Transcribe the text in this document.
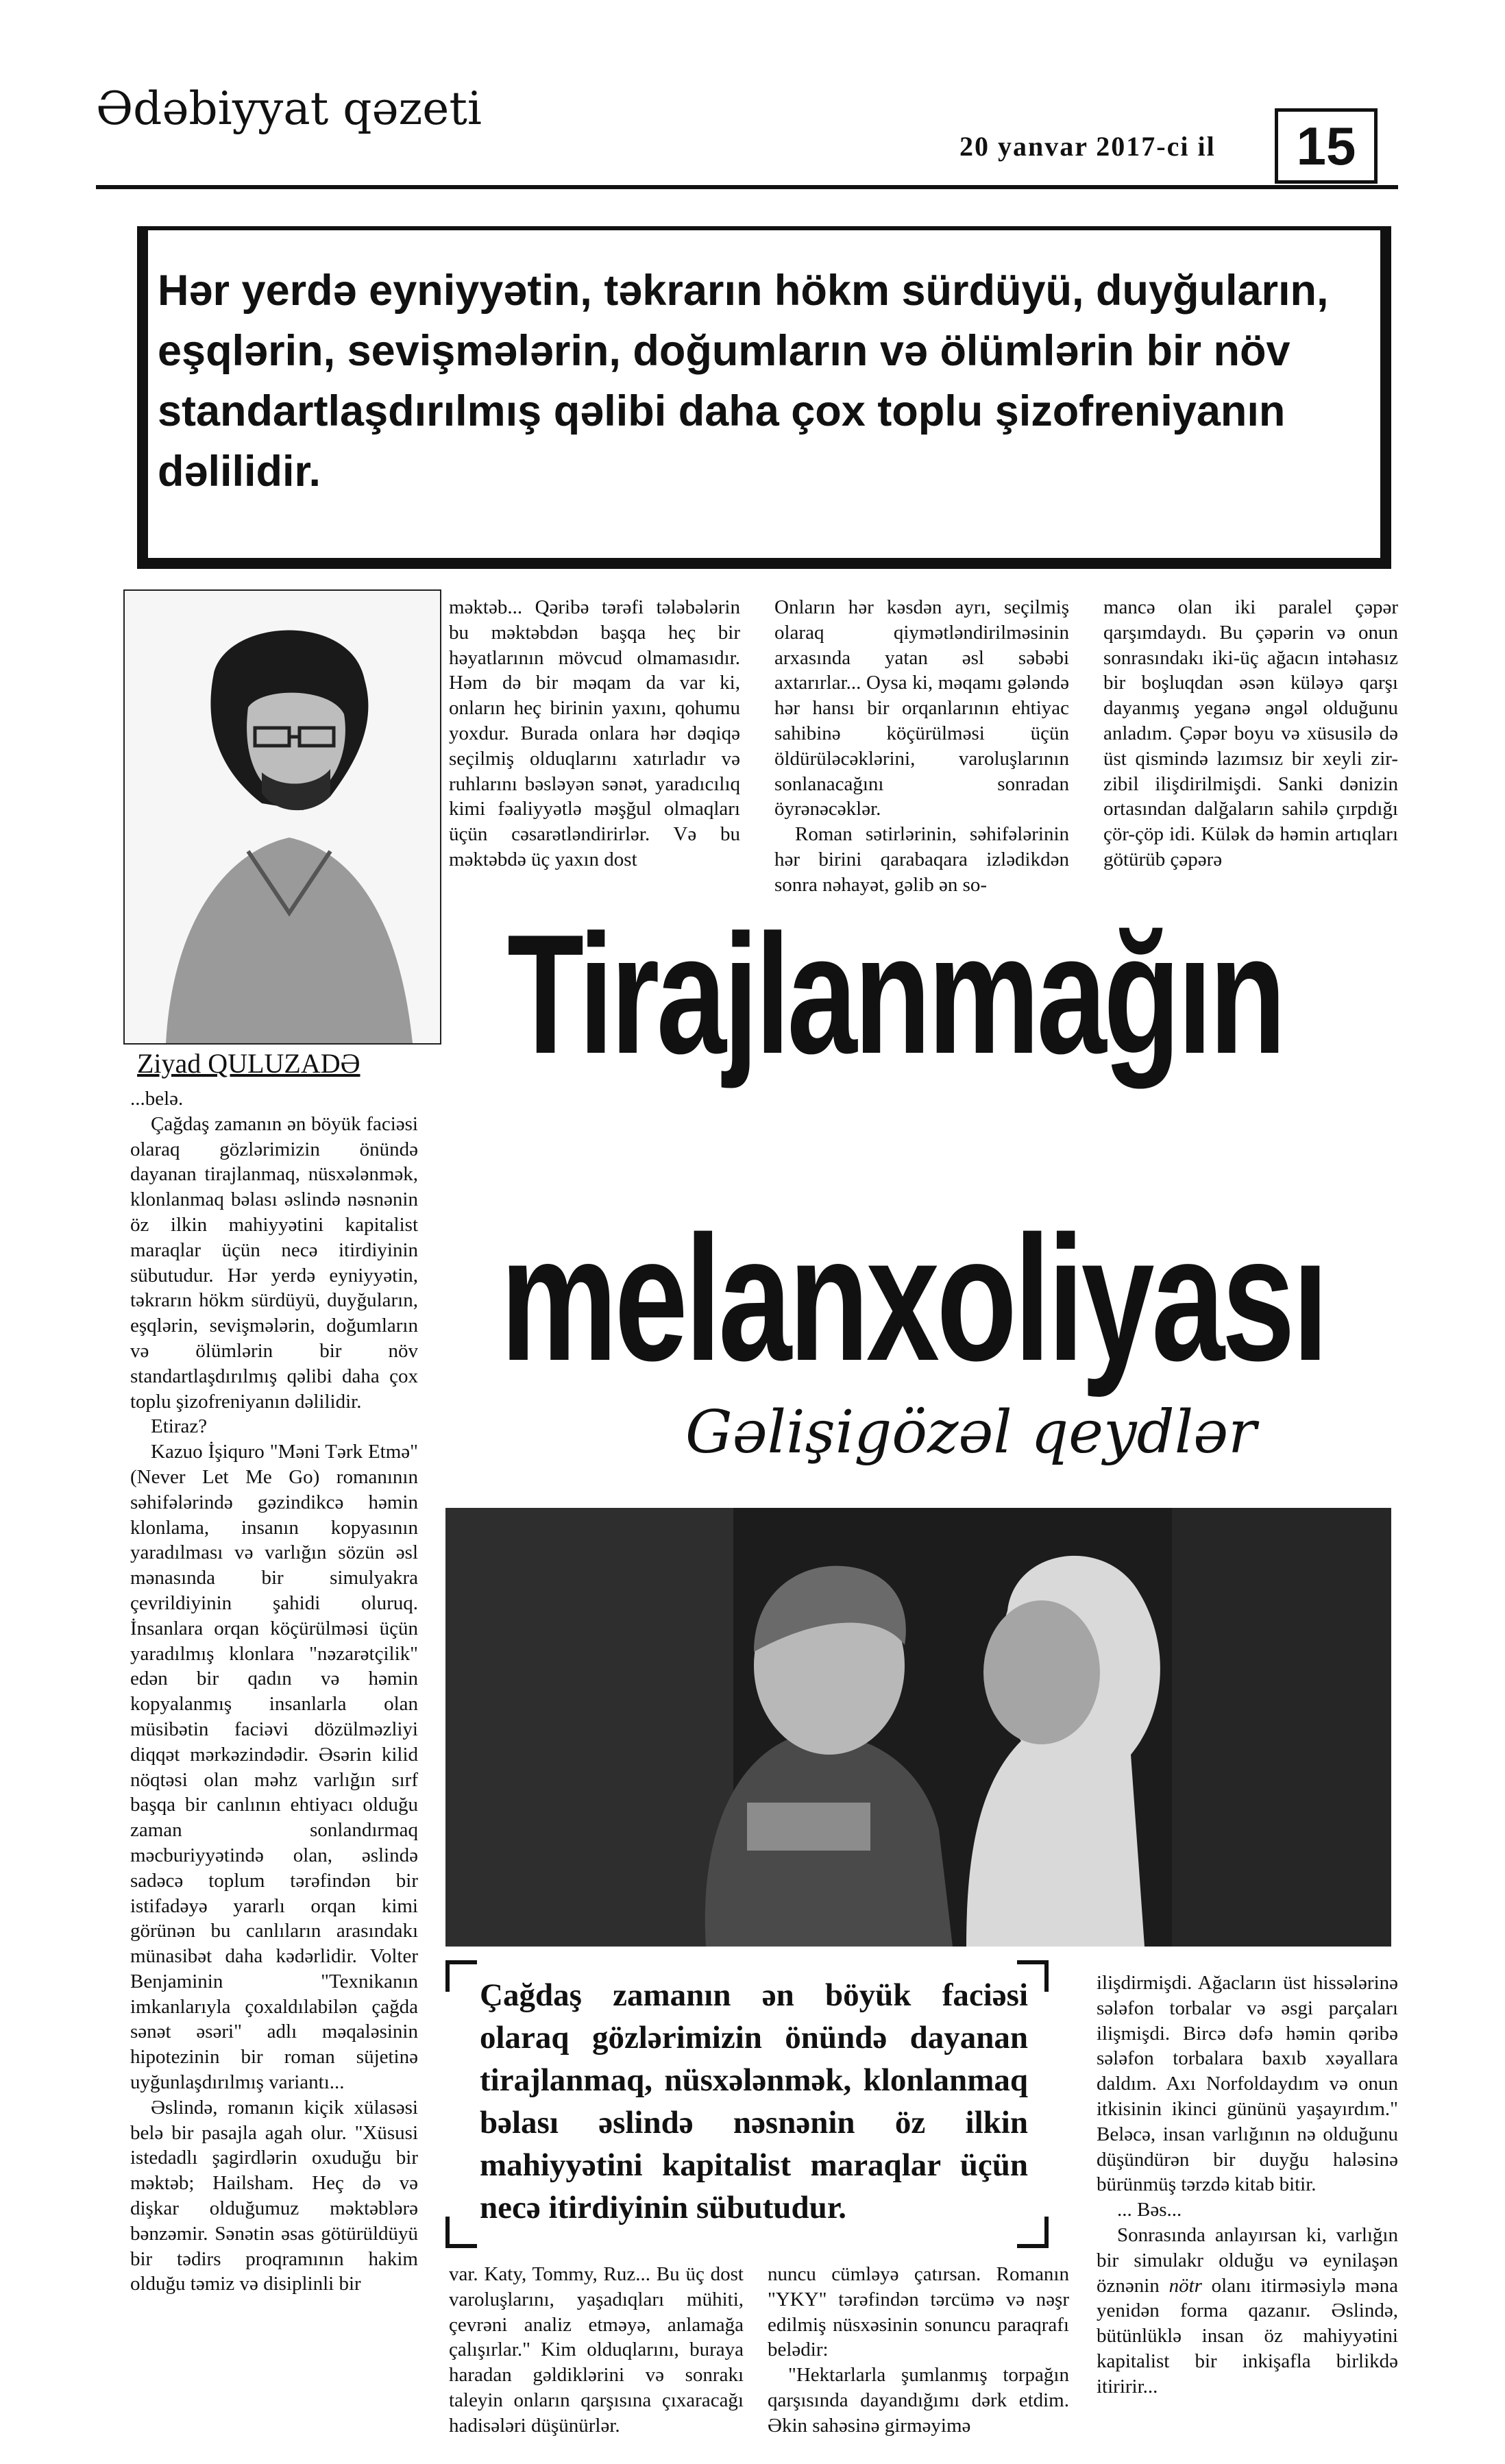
Ədəbiyyat qəzeti
20 yanvar 2017-ci il	15
Hər yerdə eyniyyətin, təkrarın hökm sürdüyü, duyğuların, eşqlərin, sevişmələrin, doğumların və ölümlərin bir növ standartlaşdırılmış qəlibi daha çox toplu şizofreniyanın dəlilidir.
Ziyad QULUZADƏ

...belə.

Çağdaş zamanın ən böyük faciəsi olaraq gözlərimizin önündə dayanan tirajlanmaq, nüsxələnmək, klonlanmaq bəlası əslində nəsnənin öz ilkin mahiyyətini kapitalist maraqlar üçün necə itirdiyinin sübutudur. Hər yerdə eyniyyətin, təkrarın hökm sürdüyü, duyğuların, eşqlərin, sevişmələrin, doğumların və ölümlərin bir növ standartlaşdırılmış qəlibi daha çox toplu şizofreniyanın dəlilidir.

Etiraz?

Kazuo İşiquro "Məni Tərk Etmə" (Never Let Me Go) romanının səhifələrində gəzindikcə həmin klonlama, insanın kopyasının yaradılması və varlığın sözün əsl mənasında bir simulyakra çevrildiyinin şahidi oluruq. İnsanlara orqan köçürülməsi üçün yaradılmış klonlara "nəzarətçilik" edən bir qadın və həmin kopyalanmış insanlarla olan müsibətin faciəvi dözülməzliyi diqqət mərkəzindədir. Əsərin kilid nöqtəsi olan məhz varlığın sırf başqa bir canlının ehtiyacı olduğu zaman sonlandırmaq məcburiyyətində olan, əslində sadəcə toplum tərəfindən bir istifadəyə yararlı orqan kimi görünən bu canlıların arasındakı münasibət daha kədərlidir. Volter Benjaminin "Texnikanın imkanlarıyla çoxaldılabilən çağda sənət əsəri" adlı məqaləsinin hipotezinin bir roman süjetinə uyğunlaşdırılmış variantı...

Əslində, romanın kiçik xülasəsi belə bir pasajla agah olur. "Xüsusi istedadlı şagirdlərin oxuduğu bir məktəb; Hailsham. Heç də və dişkar olduğumuz məktəblərə bənzəmir. Sənətin əsas götürüldüyü bir tədirs proqramının hakim olduğu təmiz və disiplinli bir

məktəb... Qəribə tərəfi tələbələrin bu məktəbdən başqa heç bir həyatlarının mövcud olmamasıdır. Həm də bir məqam da var ki, onların heç birinin yaxını, qohumu yoxdur. Burada onlara hər dəqiqə seçilmiş olduqlarını xatırladır və ruhlarını bəsləyən sənət, yaradıcılıq kimi fəaliyyətlə məşğul olmaqları üçün cəsarətləndirirlər. Və bu məktəbdə üç yaxın dost

Onların hər kəsdən ayrı, seçilmiş olaraq qiymətləndirilməsinin arxasında yatan əsl səbəbi axtarırlar... Oysa ki, məqamı gələndə hər hansı bir orqanlarının ehtiyac sahibinə köçürülməsi üçün öldürüləcəklərini, varoluşlarının sonlanacağını sonradan öyrənəcəklər.

Roman sətirlərinin, səhifələrinin hər birini qarabaqara izlədikdən sonra nəhayət, gəlib ən so-

mancə olan iki paralel çəpər qarşımdaydı. Bu çəpərin və onun sonrasındakı iki-üç ağacın intəhasız bir boşluqdan əsən küləyə qarşı dayanmış yeganə əngəl olduğunu anladım. Çəpər boyu və xüsusilə də üst qismində lazımsız bir xeyli zir-zibil ilişdirilmişdi. Sanki dənizin ortasından dalğaların sahilə çırpdığı çör-çöp idi. Külək də həmin artıqları götürüb çəpərə

Tirajlanmağın
melanxoliyası
Gəlişigözəl qeydlər
Çağdaş zamanın ən böyük faciəsi olaraq gözlərimizin önündə dayanan tirajlanmaq, nüsxələnmək, klonlanmaq bəlası əslində nəsnənin öz ilkin mahiyyətini kapitalist maraqlar üçün necə itirdiyinin sübutudur.

var. Katy, Tommy, Ruz... Bu üç dost varoluşlarını, yaşadıqları mühiti, çevrəni analiz etməyə, anlamağa çalışırlar." Kim olduqlarını, buraya haradan gəldiklərini və sonrakı taleyin onların qarşısına çıxaracağı hadisələri düşünürlər.

nuncu cümləyə çatırsan. Romanın "YKY" tərəfindən tərcümə və nəşr edilmiş nüsxəsinin sonuncu paraqrafı belədir:

"Hektarlarla şumlanmış torpağın qarşısında dayandığımı dərk etdim. Əkin sahəsinə girməyimə

ilişdirmişdi. Ağacların üst hissələrinə sələfon torbalar və əsgi parçaları ilişmişdi. Bircə dəfə həmin qəribə sələfon torbalara baxıb xəyallara daldım. Axı Norfoldaydım və onun itkisinin ikinci gününü yaşayırdım." Beləcə, insan varlığının nə olduğunu düşündürən bir duyğu haləsinə bürünmüş tərzdə kitab bitir.

... Bəs...

Sonrasında anlayırsan ki, varlığın bir simulakr olduğu və eynilaşən öznənin nötr olanı itirməsiylə məna yenidən forma qazanır. Əslində, bütünlüklə insan öz mahiyyətini kapitalist bir inkişafla birlikdə itiririr...
